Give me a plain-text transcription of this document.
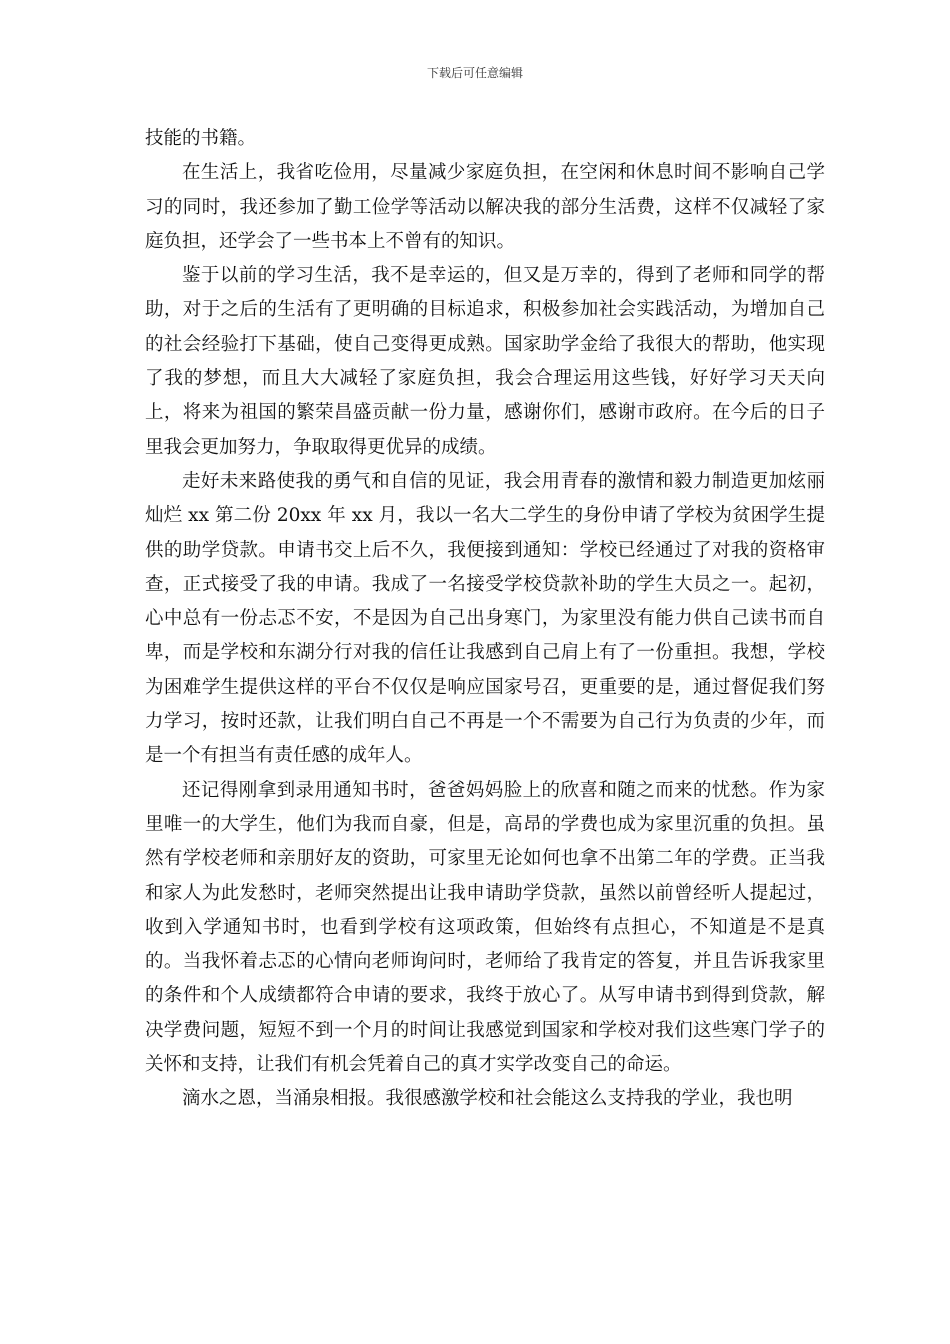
下载后可任意编辑

技能的书籍。

在生活上，我省吃俭用，尽量减少家庭负担，在空闲和休息时间不影响自己学习的同时，我还参加了勤工俭学等活动以解决我的部分生活费，这样不仅减轻了家庭负担，还学会了一些书本上不曾有的知识。

鉴于以前的学习生活，我不是幸运的，但又是万幸的，得到了老师和同学的帮助，对于之后的生活有了更明确的目标追求，积极参加社会实践活动，为增加自己的社会经验打下基础，使自己变得更成熟。国家助学金给了我很大的帮助，他实现了我的梦想，而且大大减轻了家庭负担，我会合理运用这些钱，好好学习天天向上，将来为祖国的繁荣昌盛贡献一份力量，感谢你们，感谢市政府。在今后的日子里我会更加努力，争取取得更优异的成绩。

走好未来路使我的勇气和自信的见证，我会用青春的激情和毅力制造更加炫丽灿烂 xx 第二份 20xx 年 xx 月，我以一名大二学生的身份申请了学校为贫困学生提供的助学贷款。申请书交上后不久，我便接到通知：学校已经通过了对我的资格审查，正式接受了我的申请。我成了一名接受学校贷款补助的学生大员之一。起初，心中总有一份忐忑不安，不是因为自己出身寒门，为家里没有能力供自己读书而自卑，而是学校和东湖分行对我的信任让我感到自己肩上有了一份重担。我想，学校为困难学生提供这样的平台不仅仅是响应国家号召，更重要的是，通过督促我们努力学习，按时还款，让我们明白自己不再是一个不需要为自己行为负责的少年，而是一个有担当有责任感的成年人。

还记得刚拿到录用通知书时，爸爸妈妈脸上的欣喜和随之而来的忧愁。作为家里唯一的大学生，他们为我而自豪，但是，高昂的学费也成为家里沉重的负担。虽然有学校老师和亲朋好友的资助，可家里无论如何也拿不出第二年的学费。正当我和家人为此发愁时，老师突然提出让我申请助学贷款，虽然以前曾经听人提起过，收到入学通知书时，也看到学校有这项政策，但始终有点担心，不知道是不是真的。当我怀着忐忑的心情向老师询问时，老师给了我肯定的答复，并且告诉我家里的条件和个人成绩都符合申请的要求，我终于放心了。从写申请书到得到贷款，解决学费问题，短短不到一个月的时间让我感觉到国家和学校对我们这些寒门学子的关怀和支持，让我们有机会凭着自己的真才实学改变自己的命运。

滴水之恩，当涌泉相报。我很感激学校和社会能这么支持我的学业，我也明
